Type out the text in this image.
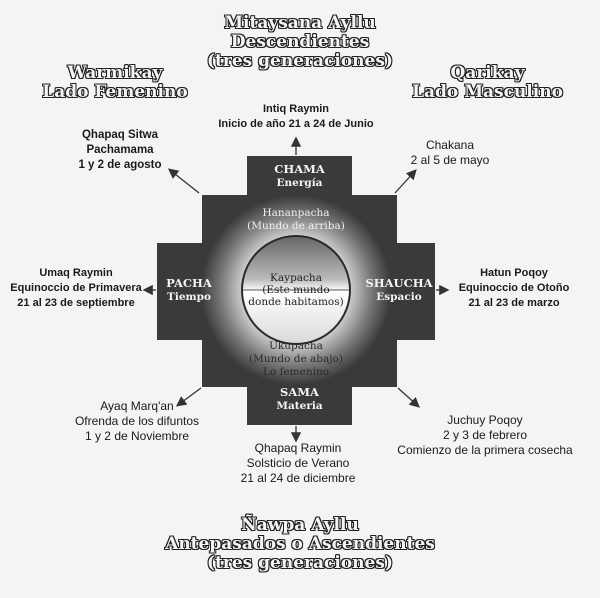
Mitaysana Ayllu
Descendientes
(tres generaciones)
Warmikay
Lado Femenino
Qarikay
Lado Masculino
Ñawpa Ayllu
Antepasados o Ascendientes
(tres generaciones)
Intiq Raymin
Inicio de año 21 a 24 de Junio
Qhapaq Sitwa
Pachamama
1 y 2 de agosto
Chakana
2 al 5 de mayo
Umaq Raymin
Equinoccio de Primavera
21 al 23 de septiembre
Hatun Poqoy
Equinoccio de Otoño
21 al 23 de marzo
Ayaq Marq'an
Ofrenda de los difuntos
1 y 2 de Noviembre
Qhapaq Raymin
Solsticio de Verano
21 al 24 de diciembre
Juchuy Poqoy
2 y 3 de febrero
Comienzo de la primera cosecha
CHAMA
Energía
PACHA
Tiempo
SHAUCHA
Espacio
SAMA
Materia
Hananpacha
(Mundo de arriba)
Kaypacha
(Este mundo
donde habitamos)
Ukupacha
(Mundo de abajo)
Lo femenino
